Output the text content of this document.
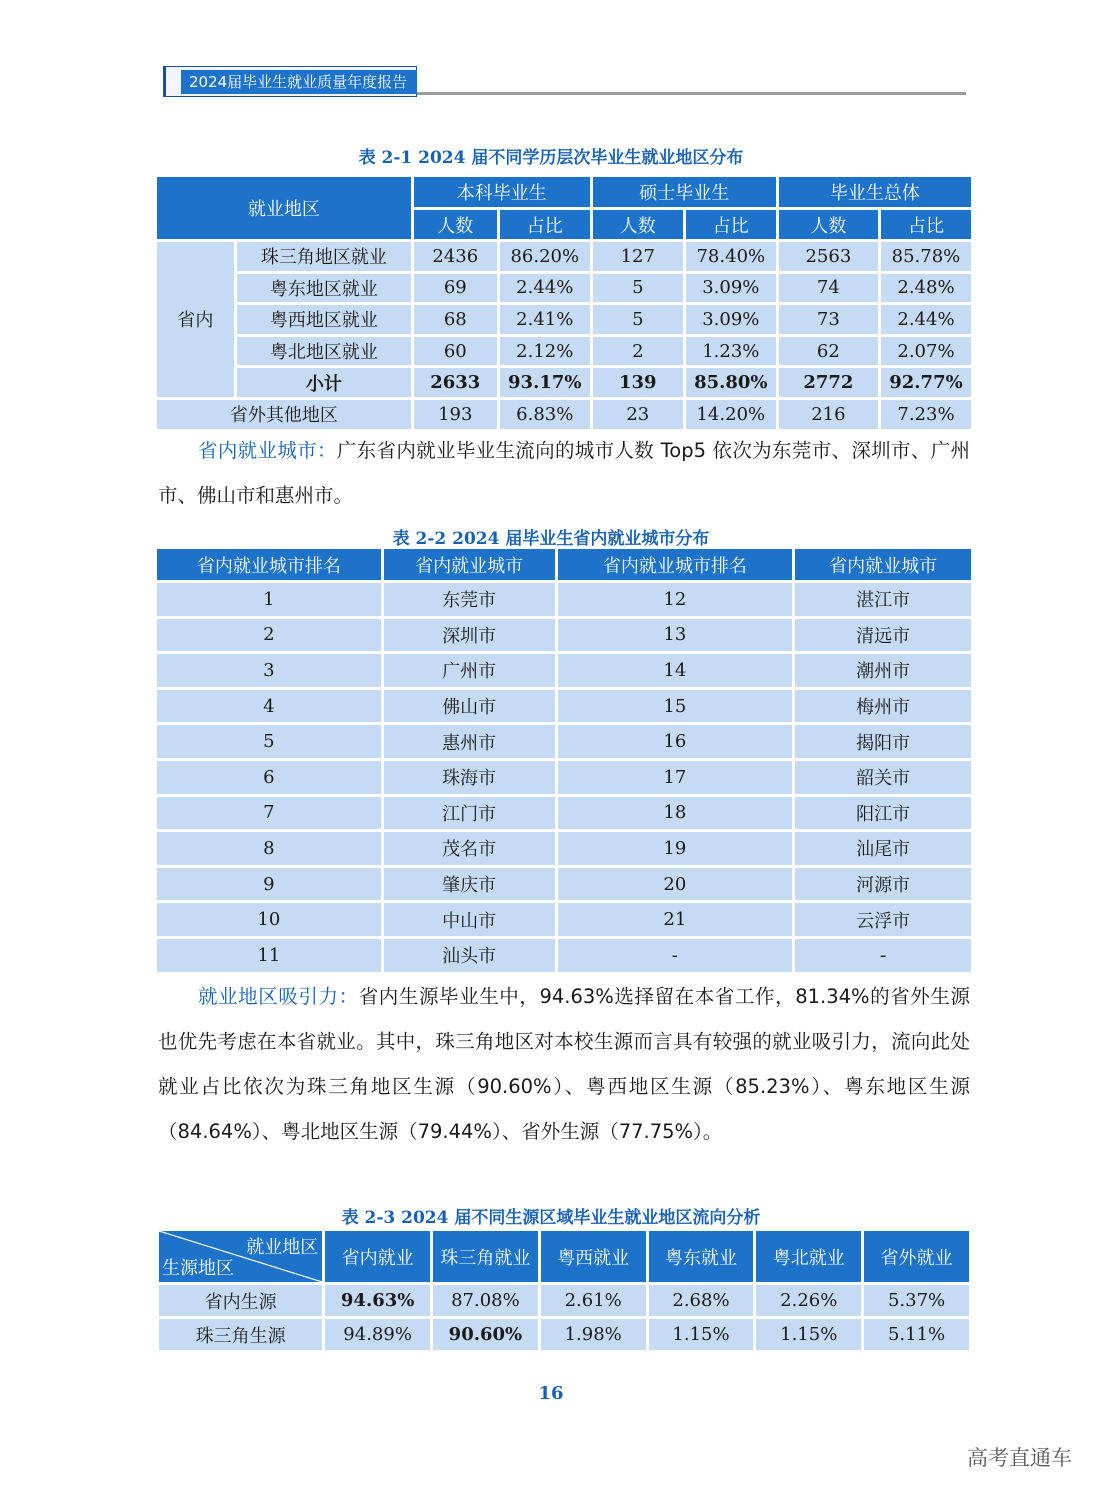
2024届毕业生就业质量年度报告
表 2-1 2024 届不同学历层次毕业生就业地区分布
就业地区		本科毕业生		硕士毕业生		毕业生总体	
		人数	占比	人数	占比	人数	占比
省内	珠三角地区就业	2436	86.20%	127	78.40%	2563	85.78%
	粤东地区就业	69	2.44%	5	3.09%	74	2.48%
	粤西地区就业	68	2.41%	5	3.09%	73	2.44%
	粤北地区就业	60	2.12%	2	1.23%	62	2.07%
	小计	2633	93.17%	139	85.80%	2772	92.77%
省外其他地区		193	6.83%	23	14.20%	216	7.23%
省内就业城市：广东省内就业毕业生流向的城市人数 Top5 依次为东莞市、深圳市、广州市、佛山市和惠州市。
表 2-2 2024 届毕业生省内就业城市分布
省内就业城市排名	省内就业城市	省内就业城市排名	省内就业城市
1	东莞市	12	湛江市
2	深圳市	13	清远市
3	广州市	14	潮州市
4	佛山市	15	梅州市
5	惠州市	16	揭阳市
6	珠海市	17	韶关市
7	江门市	18	阳江市
8	茂名市	19	汕尾市
9	肇庆市	20	河源市
10	中山市	21	云浮市
11	汕头市	-	-
就业地区吸引力：省内生源毕业生中，94.63%选择留在本省工作，81.34%的省外生源也优先考虑在本省就业。其中，珠三角地区对本校生源而言具有较强的就业吸引力，流向此处就业占比依次为珠三角地区生源（90.60%）、粤西地区生源（85.23%）、粤东地区生源（84.64%）、粤北地区生源（79.44%）、省外生源（77.75%）。
表 2-3 2024 届不同生源区域毕业生就业地区流向分析
就业地区
生源地区	省内就业	珠三角就业	粤西就业	粤东就业	粤北就业	省外就业
省内生源	94.63%	87.08%	2.61%	2.68%	2.26%	5.37%
珠三角生源	94.89%	90.60%	1.98%	1.15%	1.15%	5.11%
16
高考直通车
